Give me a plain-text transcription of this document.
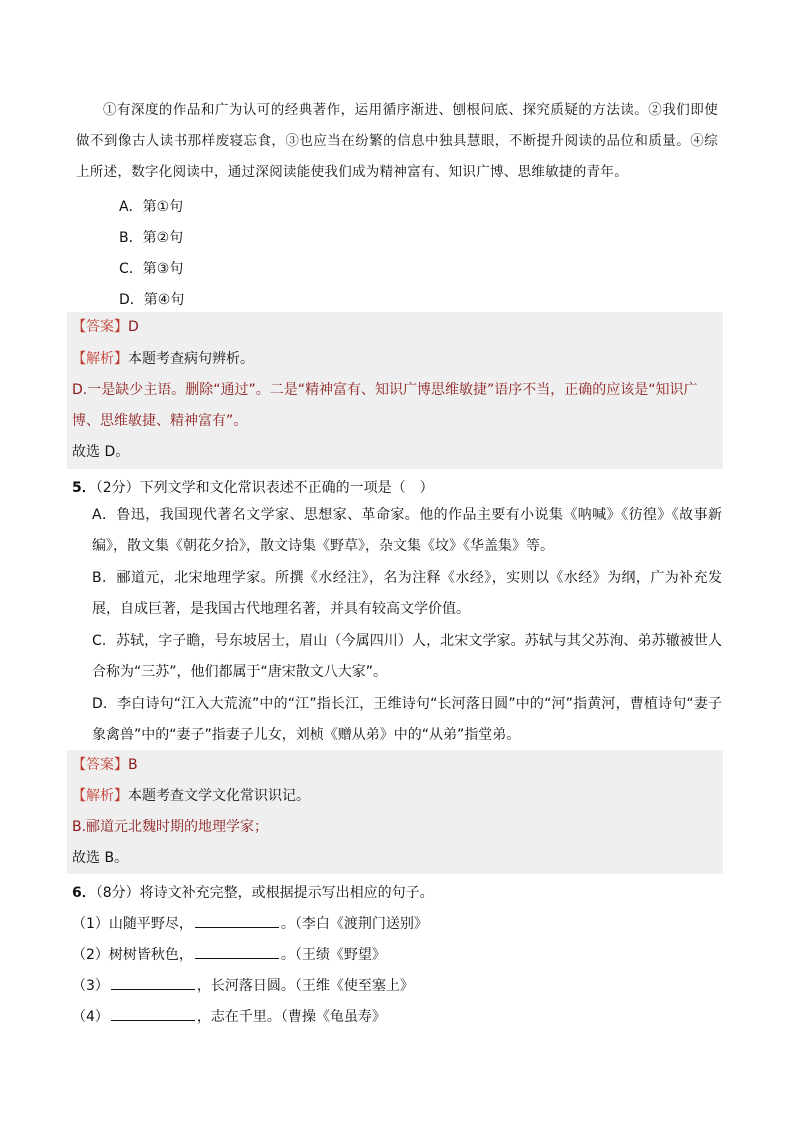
①有深度的作品和广为认可的经典著作，运用循序渐进、刨根问底、探究质疑的方法读。②我们即使做不到像古人读书那样废寝忘食，③也应当在纷繁的信息中独具慧眼，不断提升阅读的品位和质量。④综上所述，数字化阅读中，通过深阅读能使我们成为精神富有、知识广博、思维敏捷的青年。
A．第①句
B．第②句
C．第③句
D．第④句
【答案】D
【解析】本题考查病句辨析。
D.一是缺少主语。删除“通过”。二是“精神富有、知识广博思维敏捷”语序不当，正确的应该是“知识广博、思维敏捷、精神富有”。
故选 D。
5．（2分）下列文学和文化常识表述不正确的一项是（　）
A．鲁迅，我国现代著名文学家、思想家、革命家。他的作品主要有小说集《呐喊》《彷徨》《故事新编》，散文集《朝花夕拾》，散文诗集《野草》，杂文集《坟》《华盖集》等。
B．郦道元，北宋地理学家。所撰《水经注》，名为注释《水经》，实则以《水经》为纲，广为补充发展，自成巨著，是我国古代地理名著，并具有较高文学价值。
C．苏轼，字子瞻，号东坡居士，眉山（今属四川）人，北宋文学家。苏轼与其父苏洵、弟苏辙被世人合称为“三苏”，他们都属于“唐宋散文八大家”。
D．李白诗句“江入大荒流”中的“江”指长江，王维诗句“长河落日圆”中的“河”指黄河，曹植诗句“妻子象禽兽”中的“妻子”指妻子儿女，刘桢《赠从弟》中的“从弟”指堂弟。
【答案】B
【解析】本题考查文学文化常识识记。
B.郦道元北魏时期的地理学家；
故选 B。
6．（8分）将诗文补充完整，或根据提示写出相应的句子。
（1）山随平野尽，	。（李白《渡荆门送别》
（2）树树皆秋色，	。（王绩《野望》
（3）	，长河落日圆。（王维《使至塞上》
（4）	，志在千里。（曹操《龟虽寿》
